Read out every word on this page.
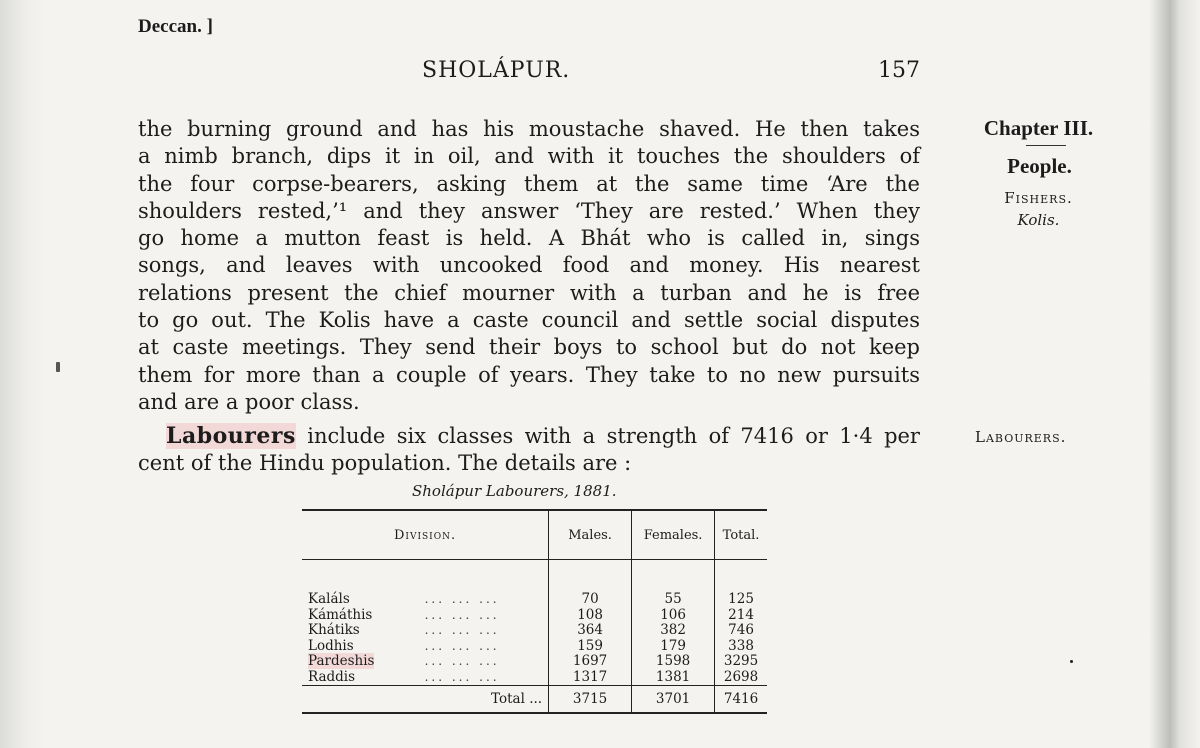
Deccan. ]
SHOLÁPUR.	157
the burning ground and has his moustache shaved. He then takes
a nimb branch, dips it in oil, and with it touches the shoulders of
the four corpse-bearers, asking them at the same time ‘Are the
shoulders rested,’¹ and they answer ‘They are rested.’ When they
go home a mutton feast is held. A Bhát who is called in, sings
songs, and leaves with uncooked food and money. His nearest
relations present the chief mourner with a turban and he is free
to go out. The Kolis have a caste council and settle social disputes
at caste meetings. They send their boys to school but do not keep
them for more than a couple of years. They take to no new pursuits
and are a poor class.
Labourers include six classes with a strength of 7416 or 1·4 per
cent of the Hindu population. The details are :
Chapter III.
People.
Fishers.
Kolis.
Labourers.
Sholápur Labourers, 1881.
Division.		Males.	Females.	Total.

Kaláls	... ... ...	70	55	125
Kámáthis	... ... ...	108	106	214
Khátiks	... ... ...	364	382	746
Lodhis	... ... ...	159	179	338
Pardeshis	... ... ...	1697	1598	3295
Raddis	... ... ...	1317	1381	2698
Total ...		3715	3701	7416
